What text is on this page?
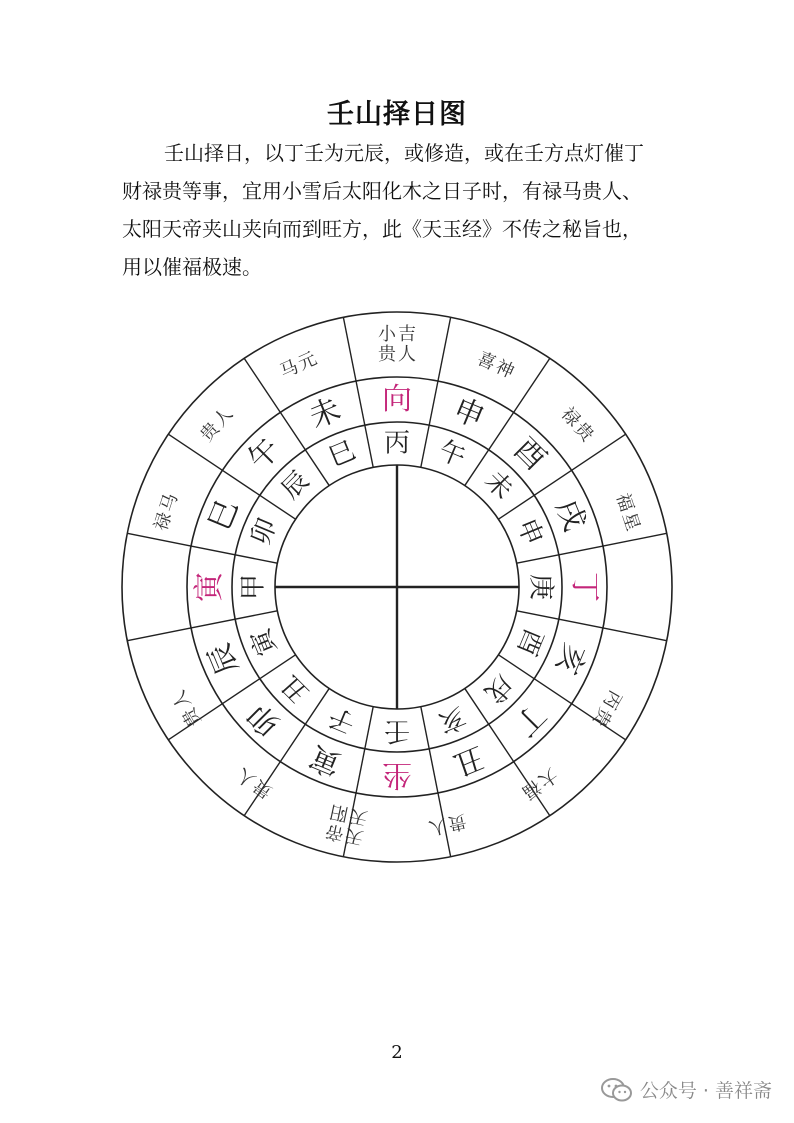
壬山择日图
壬山择日，以丁壬为元辰，或修造，或在壬方点灯催丁
财禄贵等事，宜用小雪后太阳化木之日子时，有禄马贵人、
太阳天帝夹山夹向而到旺方，此《天玉经》不传之秘旨也，
用以催福极速。
丙 午
未
申
庚
酉
戌
亥
壬
子
丑
寅
甲
卯
辰
巳
向 申
酉
戌
丁
亥
丁
丑
坐
寅
卯
辰
寅
巳
午
未
小
贵
吉
人	喜
神
禄
贵
福
星
丙
贵
大
福
贵
人
天
天
帝
阳
贵
人
贵
人
禄
马
贵
人
马
元
2
公众号 · 善祥斋
